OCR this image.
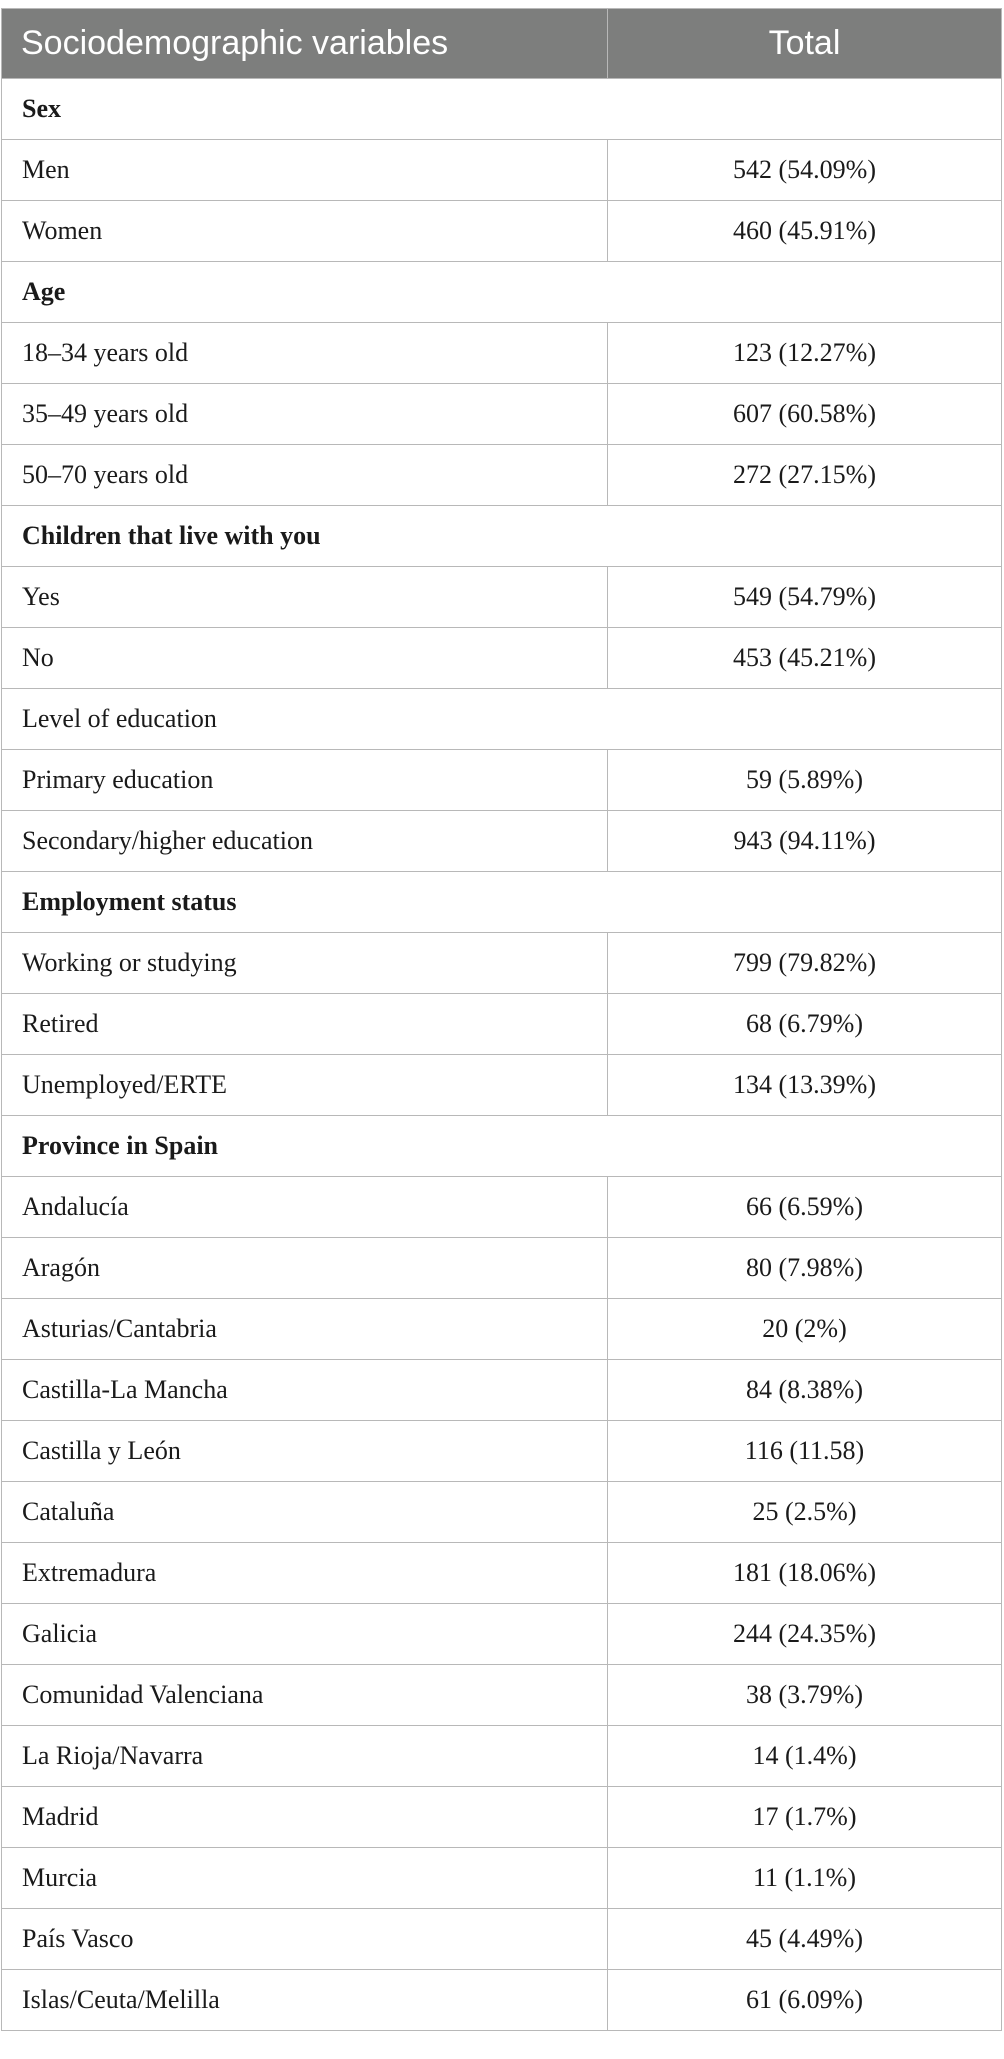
Sociodemographic variables	Total
Sex	
Men	542 (54.09%)
Women	460 (45.91%)
Age	
18–34 years old	123 (12.27%)
35–49 years old	607 (60.58%)
50–70 years old	272 (27.15%)
Children that live with you	
Yes	549 (54.79%)
No	453 (45.21%)
Level of education	
Primary education	59 (5.89%)
Secondary/higher education	943 (94.11%)
Employment status	
Working or studying	799 (79.82%)
Retired	68 (6.79%)
Unemployed/ERTE	134 (13.39%)
Province in Spain	
Andalucía	66 (6.59%)
Aragón	80 (7.98%)
Asturias/Cantabria	20 (2%)
Castilla-La Mancha	84 (8.38%)
Castilla y León	116 (11.58)
Cataluña	25 (2.5%)
Extremadura	181 (18.06%)
Galicia	244 (24.35%)
Comunidad Valenciana	38 (3.79%)
La Rioja/Navarra	14 (1.4%)
Madrid	17 (1.7%)
Murcia	11 (1.1%)
País Vasco	45 (4.49%)
Islas/Ceuta/Melilla	61 (6.09%)
